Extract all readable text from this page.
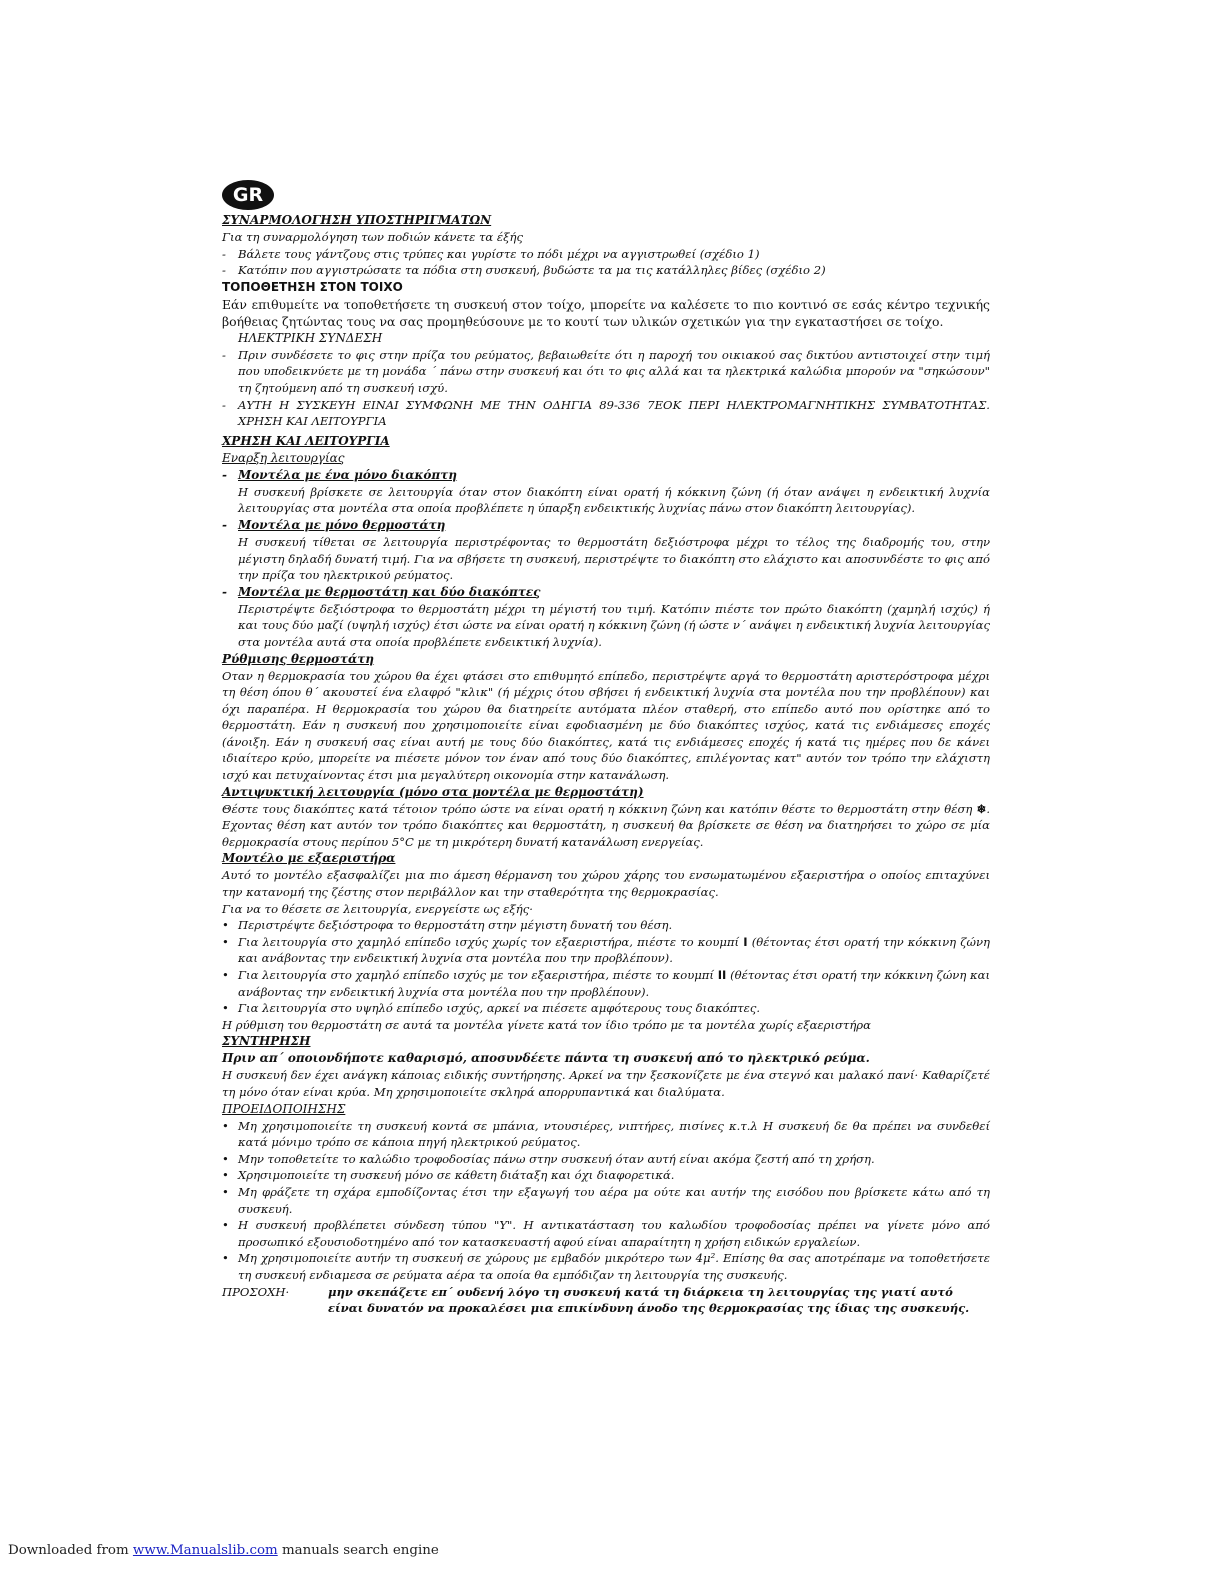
GR

ΣΥΝΑΡΜΟΛΟΓΗΣΗ ΥΠΟΣΤΗΡΙΓΜΑΤΩΝ

Για τη συναρμολόγηση των ποδιών κάνετε τα έξής

- Βάλετε τους γάντζους στις τρύπες και γυρίστε το πόδι μέχρι να αγγιστρωθεί (σχέδιο 1)

- Κατόπιν που αγγιστρώσατε τα πόδια στη συσκευή, βυδώστε τα μα τις κατάλληλες βίδες (σχέδιο 2)

ΤΟΠΟΘΕΤΗΣΗ ΣΤΟΝ ΤΟΙΧΟ

Εάν επιθυμείτε να τοποθετήσετε τη συσκευή στον τοίχο, μπορείτε να καλέσετε το πιο κοντινό σε εσάς κέντρο τεχνικής βοήθειας ζητώντας τους να σας προμηθεύσουνε με το κουτί των υλικών σχετικών για την εγκαταστήσει σε τοίχο.

ΗΛΕΚΤΡΙΚΗ ΣΥΝΔΕΣΗ

- Πριν συνδέσετε το φις στην πρίζα του ρεύματος, βεβαιωθείτε ότι η παροχή του οικιακού σας δικτύου αντιστοιχεί στην τιμή που υποδεικνύετε με τη μονάδα ΄ πάνω στην συσκευή και ότι το φις αλλά και τα ηλεκτρικά καλώδια μπορούν να "σηκώσουν" τη ζητούμενη από τη συσκευή ισχύ.

- ΑΥΤΗ Η ΣΥΣΚΕΥΗ ΕΙΝΑΙ ΣΥΜΦΩΝΗ ΜΕ ΤΗΝ ΟΔΗΓΙΑ 89-336 7ΕΟΚ ΠΕΡΙ ΗΛΕΚΤΡΟΜΑΓΝΗΤΙΚΗΣ ΣΥΜΒΑΤΟΤΗΤΑΣ. ΧΡΗΣΗ ΚΑΙ ΛΕΙΤΟΥΡΓΙΑ

ΧΡΗΣΗ ΚΑΙ ΛΕΙΤΟΥΡΓΙΑ

Εναρξη λειτουργίας

- Μοντέλα με ένα μόνο διακόπτη

Η συσκευή βρίσκετε σε λειτουργία όταν στον διακόπτη είναι ορατή ή κόκκινη ζώνη (ή όταν ανάψει η ενδεικτική λυχνία λειτουργίας στα μοντέλα στα οποία προβλέπετε η ύπαρξη ενδεικτικής λυχνίας πάνω στον διακόπτη λειτουργίας).

- Μοντέλα με μόνο θερμοστάτη

Η συσκευή τίθεται σε λειτουργία περιστρέφοντας το θερμοστάτη δεξιόστροφα μέχρι το τέλος της διαδρομής του, στην μέγιστη δηλαδή δυνατή τιμή. Για να σβήσετε τη συσκευή, περιστρέψτε το διακόπτη στο ελάχιστο και αποσυνδέστε το φις από την πρίζα του ηλεκτρικού ρεύματος.

- Μοντέλα με θερμοστάτη και δύο διακόπτες

Περιστρέψτε δεξιόστροφα το θερμοστάτη μέχρι τη μέγιστή του τιμή. Κατόπιν πιέστε τον πρώτο διακόπτη (χαμηλή ισχύς) ή και τους δύο μαζί (υψηλή ισχύς) έτσι ώστε να είναι ορατή η κόκκινη ζώνη (ή ώστε ν΄ ανάψει η ενδεικτική λυχνία λειτουργίας στα μοντέλα αυτά στα οποία προβλέπετε ενδεικτική λυχνία).

Ρύθμισης θερμοστάτη

Οταν η θερμοκρασία του χώρου θα έχει φτάσει στο επιθυμητό επίπεδο, περιστρέψτε αργά το θερμοστάτη αριστερόστροφα μέχρι τη θέση όπου θ΄ ακουστεί ένα ελαφρό "κλικ" (ή μέχρις ότου σβήσει ή ενδεικτική λυχνία στα μοντέλα που την προβλέπουν) και όχι παραπέρα. Η θερμοκρασία του χώρου θα διατηρείτε αυτόματα πλέον σταθερή, στο επίπεδο αυτό που ορίστηκε από το θερμοστάτη. Εάν η συσκευή που χρησιμοποιείτε είναι εφοδιασμένη με δύο διακόπτες ισχύος, κατά τις ενδιάμεσες εποχές (άνοιξη. Εάν η συσκευή σας είναι αυτή με τους δύο διακόπτες, κατά τις ενδιάμεσες εποχές ή κατά τις ημέρες που δε κάνει ιδιαίτερο κρύο, μπορείτε να πιέσετε μόνον τον έναν από τους δύο διακόπτες, επιλέγοντας κατ" αυτόν τον τρόπο την ελάχιστη ισχύ και πετυχαίνοντας έτσι μια μεγαλύτερη οικονομία στην κατανάλωση.

Αντιψυκτική λειτουργία (μόνο στα μοντέλα με θερμοστάτη)

Θέστε τους διακόπτες κατά τέτοιον τρόπο ώστε να είναι ορατή η κόκκινη ζώνη και κατόπιν θέστε το θερμοστάτη στην θέση ❄. Εχοντας θέση κατ αυτόν τον τρόπο διακόπτες και θερμοστάτη, η συσκευή θα βρίσκετε σε θέση να διατηρήσει το χώρο σε μία θερμοκρασία στους περίπου 5°C με τη μικρότερη δυνατή κατανάλωση ενεργείας.

Μοντέλο με εξαεριστήρα

Αυτό το μοντέλο εξασφαλίζει μια πιο άμεση θέρμανση του χώρου χάρης του ενσωματωμένου εξαεριστήρα ο οποίος επιταχύνει την κατανομή της ζέστης στον περιβάλλον και την σταθερότητα της θερμοκρασίας.

Για να το θέσετε σε λειτουργία, ενεργείστε ως εξής·

• Περιστρέψτε δεξιόστροφα το θερμοστάτη στην μέγιστη δυνατή του θέση.

• Για λειτουργία στο χαμηλό επίπεδο ισχύς χωρίς τον εξαεριστήρα, πιέστε το κουμπί I (θέτοντας έτσι ορατή την κόκκινη ζώνη και ανάβοντας την ενδεικτική λυχνία στα μοντέλα που την προβλέπουν).

• Για λειτουργία στο χαμηλό επίπεδο ισχύς με τον εξαεριστήρα, πιέστε το κουμπί II (θέτοντας έτσι ορατή την κόκκινη ζώνη και ανάβοντας την ενδεικτική λυχνία στα μοντέλα που την προβλέπουν).

• Για λειτουργία στο υψηλό επίπεδο ισχύς, αρκεί να πιέσετε αμφότερους τους διακόπτες.

Η ρύθμιση του θερμοστάτη σε αυτά τα μοντέλα γίνετε κατά τον ίδιο τρόπο με τα μοντέλα χωρίς εξαεριστήρα

ΣΥΝΤΗΡΗΣΗ

Πριν απ΄ οποιονδήποτε καθαρισμό, αποσυνδέετε πάντα τη συσκευή από το ηλεκτρικό ρεύμα.

Η συσκευή δεν έχει ανάγκη κάποιας ειδικής συντήρησης. Αρκεί να την ξεσκονίζετε με ένα στεγνό και μαλακό πανί· Καθαρίζετέ τη μόνο όταν είναι κρύα. Μη χρησιμοποιείτε σκληρά απορρυπαντικά και διαλύματα.

ΠΡΟΕΙΔΟΠΟΙΗΣΗΣ

• Μη χρησιμοποιείτε τη συσκευή κοντά σε μπάνια, ντουσιέρες, νιπτήρες, πισίνες κ.τ.λ Η συσκευή δε θα πρέπει να συνδεθεί κατά μόνιμο τρόπο σε κάποια πηγή ηλεκτρικού ρεύματος.

• Μην τοποθετείτε το καλώδιο τροφοδοσίας πάνω στην συσκευή όταν αυτή είναι ακόμα ζεστή από τη χρήση.

• Χρησιμοποιείτε τη συσκευή μόνο σε κάθετη διάταξη και όχι διαφορετικά.

• Μη φράζετε τη σχάρα εμποδίζοντας έτσι την εξαγωγή του αέρα μα ούτε και αυτήν της εισόδου που βρίσκετε κάτω από τη συσκευή.

• Η συσκευή προβλέπετει σύνδεση τύπου "Υ". Η αντικατάσταση του καλωδίου τροφοδοσίας πρέπει να γίνετε μόνο από προσωπικό εξουσιοδοτημένο από τον κατασκευαστή αφού είναι απαραίτητη η χρήση ειδικών εργαλείων.

• Μη χρησιμοποιείτε αυτήν τη συσκευή σε χώρους με εμβαδόν μικρότερο των 4μ². Επίσης θα σας αποτρέπαμε να τοποθετήσετε τη συσκευή ενδιαμεσα σε ρεύματα αέρα τα οποία θα εμπόδιζαν τη λειτουργία της συσκευής.

ΠΡΟΣΟΧΗ·	μην σκεπάζετε επ΄ ουδενή λόγο τη συσκευή κατά τη διάρκεια τη λειτουργίας της γιατί αυτό είναι δυνατόν να προκαλέσει μια επικίνδυνη άνοδο της θερμοκρασίας της ίδιας της συσκευής.
Downloaded from www.Manualslib.com manuals search engine
